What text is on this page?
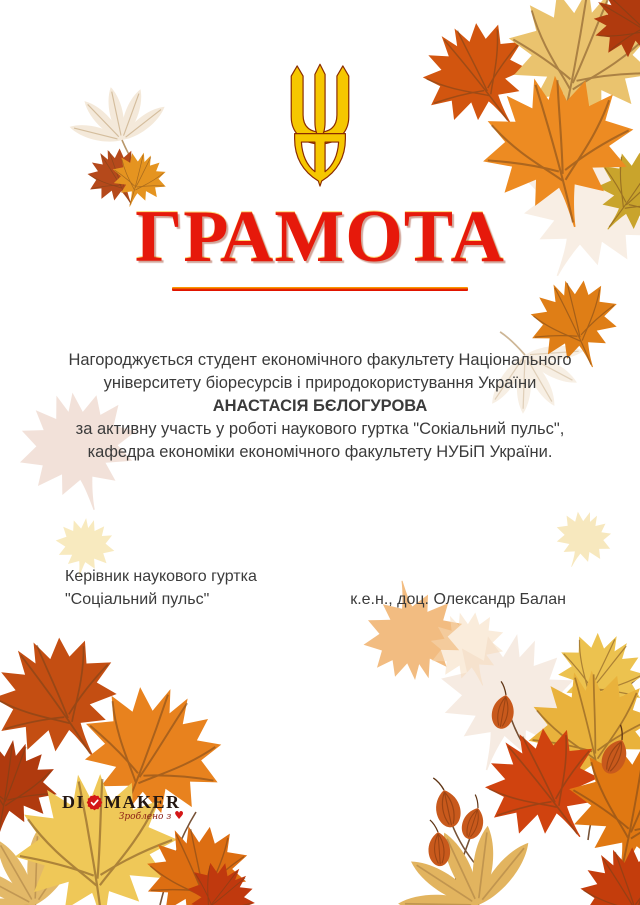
ГРАМОТА

Нагороджується студент економічного факультету Національного

університету біоресурсів і природокористування України

АНАСТАСІЯ БЄЛОГУРОВА

за активну участь у роботі наукового гуртка "Сокіальний пульс",

кафедра економіки економічного факультету НУБіП України.

Керівник наукового гуртка

"Соціальний пульс"	к.е.н., доц. Олександр Балан
DI MAKER
Зроблено з ♥
